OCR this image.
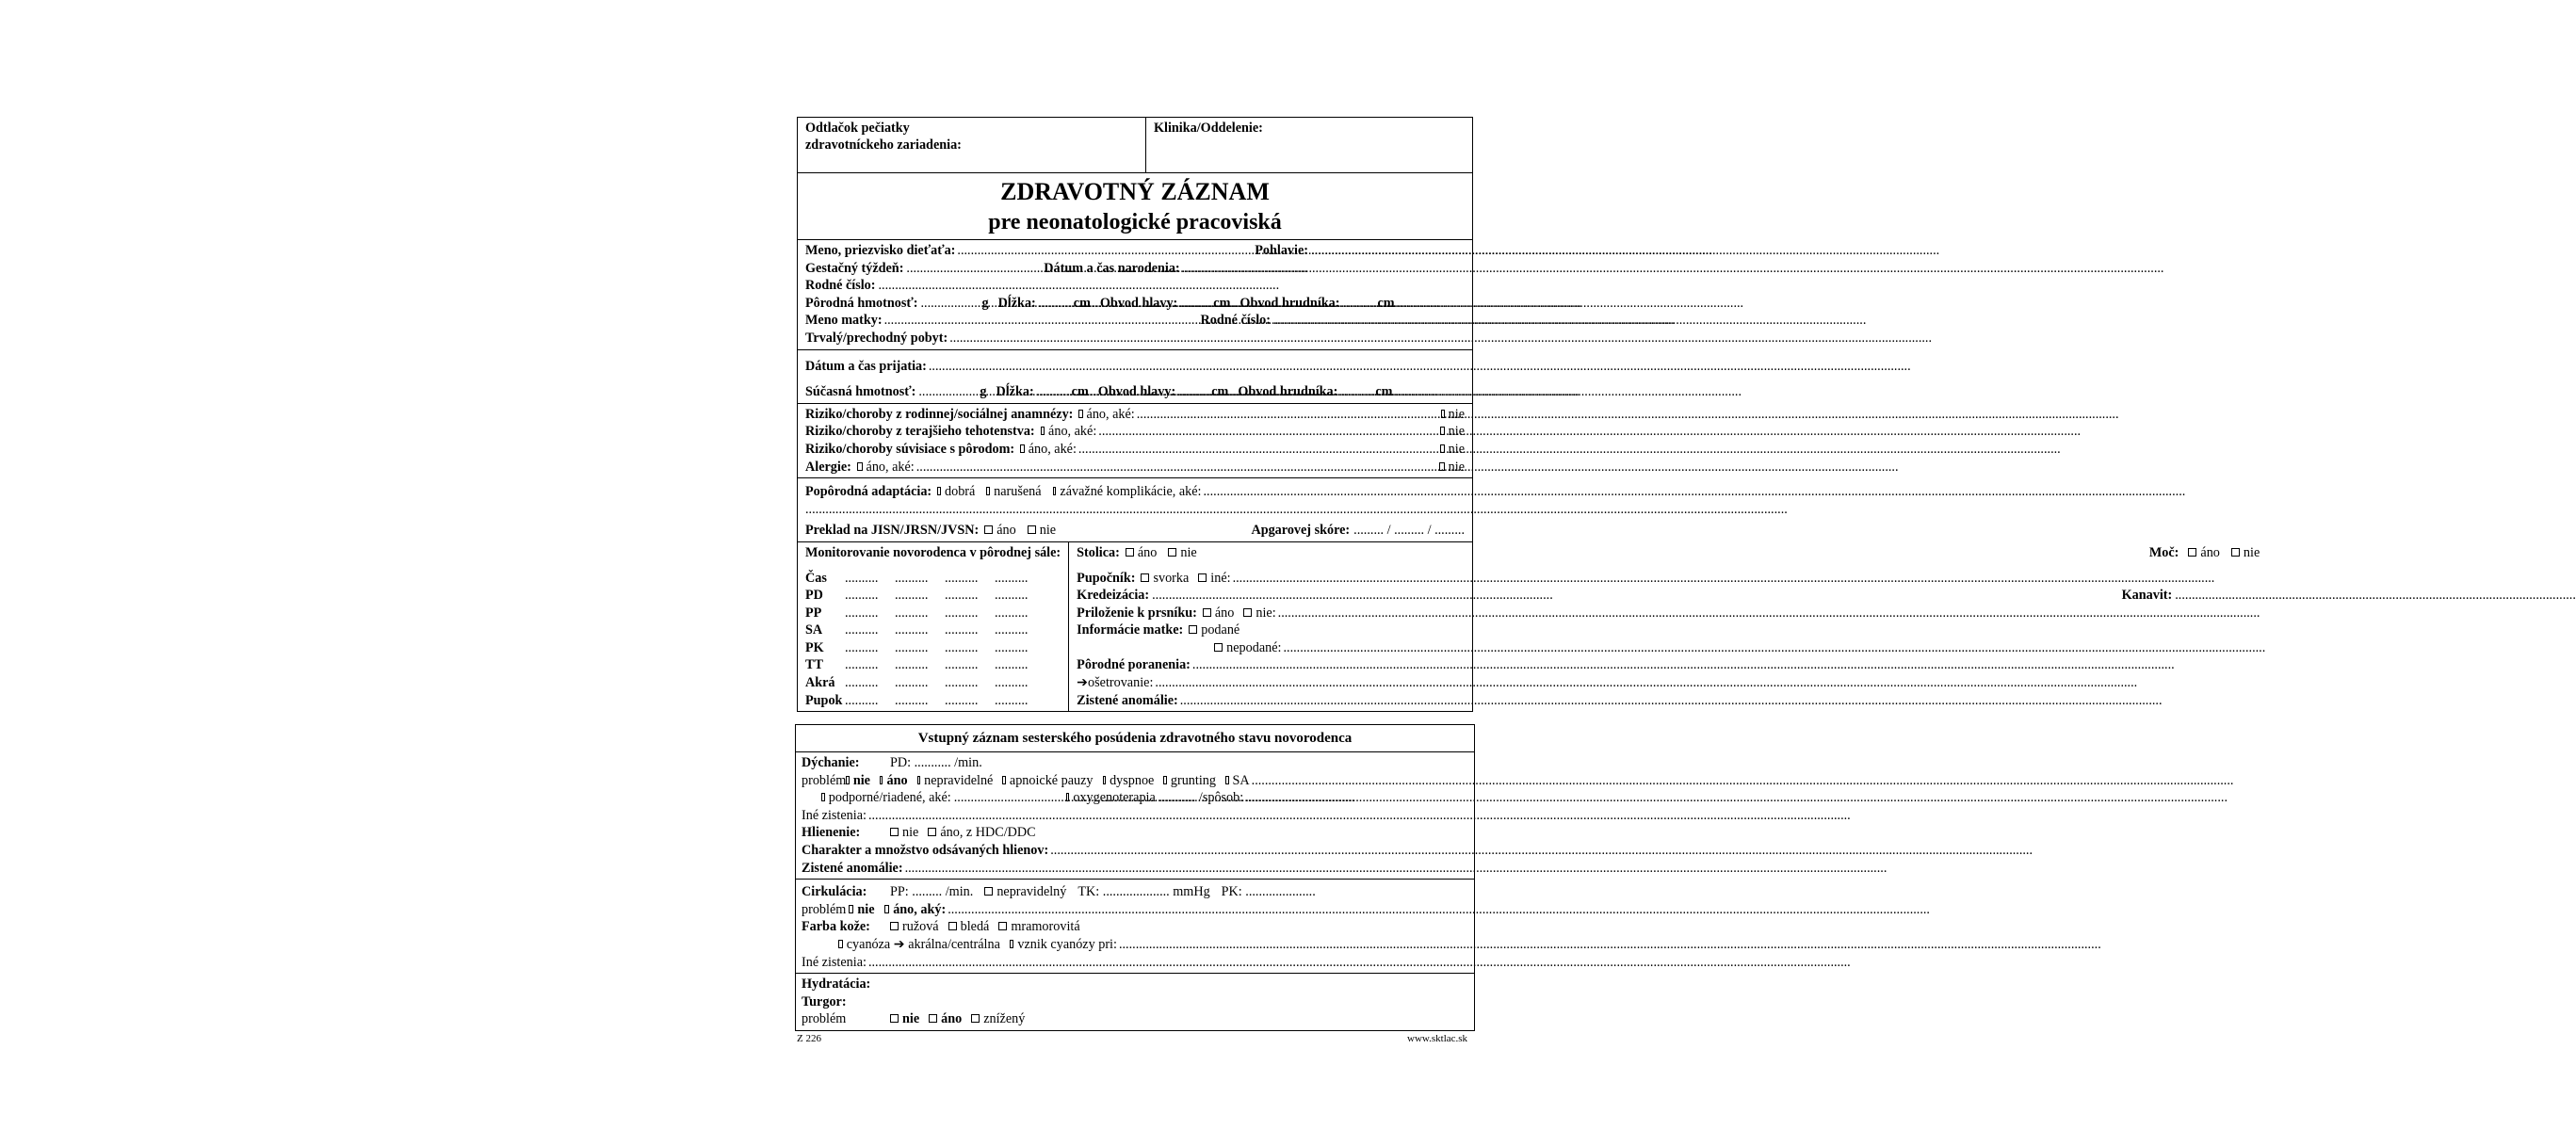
Odtlačok pečiatky
zdravotníckeho zariadenia:
Klinika/Oddelenie:
ZDRAVOTNÝ ZÁZNAM
pre neonatologické pracoviská
Meno, priezvisko dieťaťa: .....	Pohlavie:
.....
Gestačný týždeň: .....	Dátum a čas narodenia:
.....
Rodné číslo:
.....
Pôrodná hmotnosť: .....	g Dĺžka: .....	cm Obvod hlavy: .....	cm Obvod hrudníka: .....	cm
Meno matky: .....	Rodné číslo:
.....
Trvalý/prechodný pobyt:
.....
Dátum a čas prijatia:
.....
Súčasná hmotnosť: .....	g Dĺžka: .....	cm Obvod hlavy: .....	cm Obvod hrudníka: .....	cm
Riziko/choroby z rodinnej/sociálnej anamnézy: áno, aké: .....	nie
Riziko/choroby z terajšieho tehotenstva: áno, aké: .....	nie
Riziko/choroby súvisiace s pôrodom: áno, aké: .....	nie
Alergie: áno, aké: .....	nie
Popôrodná adaptácia: dobrá narušená závažné komplikácie, aké:
.....
.....
Preklad na JISN/JRSN/JVSN: áno nie	Apgarovej skóre: ......... / ......... / .........
Monitorovanie novorodenca v pôrodnej sále:
Čas
.....
.....
.....
.....
PD
.....
.....
.....
.....
PP
.....
.....
.....
.....
SA
.....
.....
.....
.....
PK
.....
.....
.....
.....
TT
.....
.....
.....
.....
Akrá
.....
.....
.....
.....
Pupok
.....
.....
.....
.....
Stolica: áno nie	Moč: áno nie
Pupočník: svorka iné:
.....
Kredeizácia: .....	Kanavit:
.....
Priloženie k prsníku: áno nie:
.....
Informácie matke: podané
nepodané:
.....
Pôrodné poranenia:
.....
➔ošetrovanie:
.....
Zistené anomálie:
.....
Vstupný záznam sesterského posúdenia zdravotného stavu novorodenca
Dýchanie:	PD: ........... /min.
problém nie áno nepravidelné apnoické pauzy dyspnoe grunting SA
.....
podporné/riadené, aké: .....	oxygenoterapia ........... /spôsob:
.....
Iné zistenia:
.....
Hlienenie:	nie áno, z HDC/DDC
Charakter a množstvo odsávaných hlienov:
.....
Zistené anomálie:
.....
Cirkulácia:	PP: ......... /min. nepravidelný TK: .................... mmHg PK: .....................
problém nie áno, aký:
.....
Farba kože:	ružová bledá mramorovitá
cyanóza ➔ akrálna/centrálna vznik cyanózy pri:
.....
Iné zistenia:
.....
Hydratácia:
Turgor:
problém	nie áno znížený
Z 226	www.sktlac.sk
